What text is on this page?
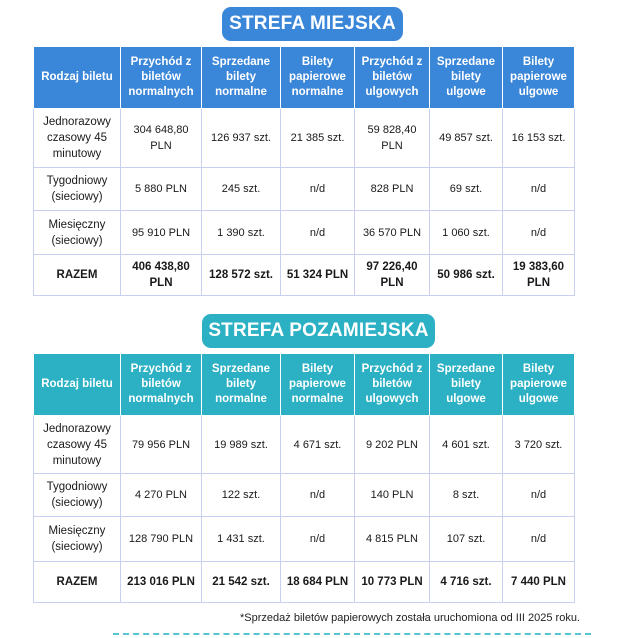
STREFA MIEJSKA
Rodzaj biletu	Przychód z biletów normalnych	Sprzedane bilety normalne	Bilety papierowe normalne	Przychód z biletów ulgowych	Sprzedane bilety ulgowe	Bilety papierowe ulgowe
Jednorazowy czasowy 45 minutowy	304 648,80 PLN	126 937 szt.	21 385 szt.	59 828,40 PLN	49 857 szt.	16 153 szt.
Tygodniowy (sieciowy)	5 880 PLN	245 szt.	n/d	828 PLN	69 szt.	n/d
Miesięczny (sieciowy)	95 910 PLN	1 390 szt.	n/d	36 570 PLN	1 060 szt.	n/d
RAZEM	406 438,80 PLN	128 572 szt.	51 324 PLN	97 226,40 PLN	50 986 szt.	19 383,60 PLN
STREFA POZAMIEJSKA
Rodzaj biletu	Przychód z biletów normalnych	Sprzedane bilety normalne	Bilety papierowe normalne	Przychód z biletów ulgowych	Sprzedane bilety ulgowe	Bilety papierowe ulgowe
Jednorazowy czasowy 45 minutowy	79 956 PLN	19 989 szt.	4 671 szt.	9 202 PLN	4 601 szt.	3 720 szt.
Tygodniowy (sieciowy)	4 270 PLN	122 szt.	n/d	140 PLN	8 szt.	n/d
Miesięczny (sieciowy)	128 790 PLN	1 431 szt.	n/d	4 815 PLN	107 szt.	n/d
RAZEM	213 016 PLN	21 542 szt.	18 684 PLN	10 773 PLN	4 716 szt.	7 440 PLN
*Sprzedaż biletów papierowych została uruchomiona od III 2025 roku.
